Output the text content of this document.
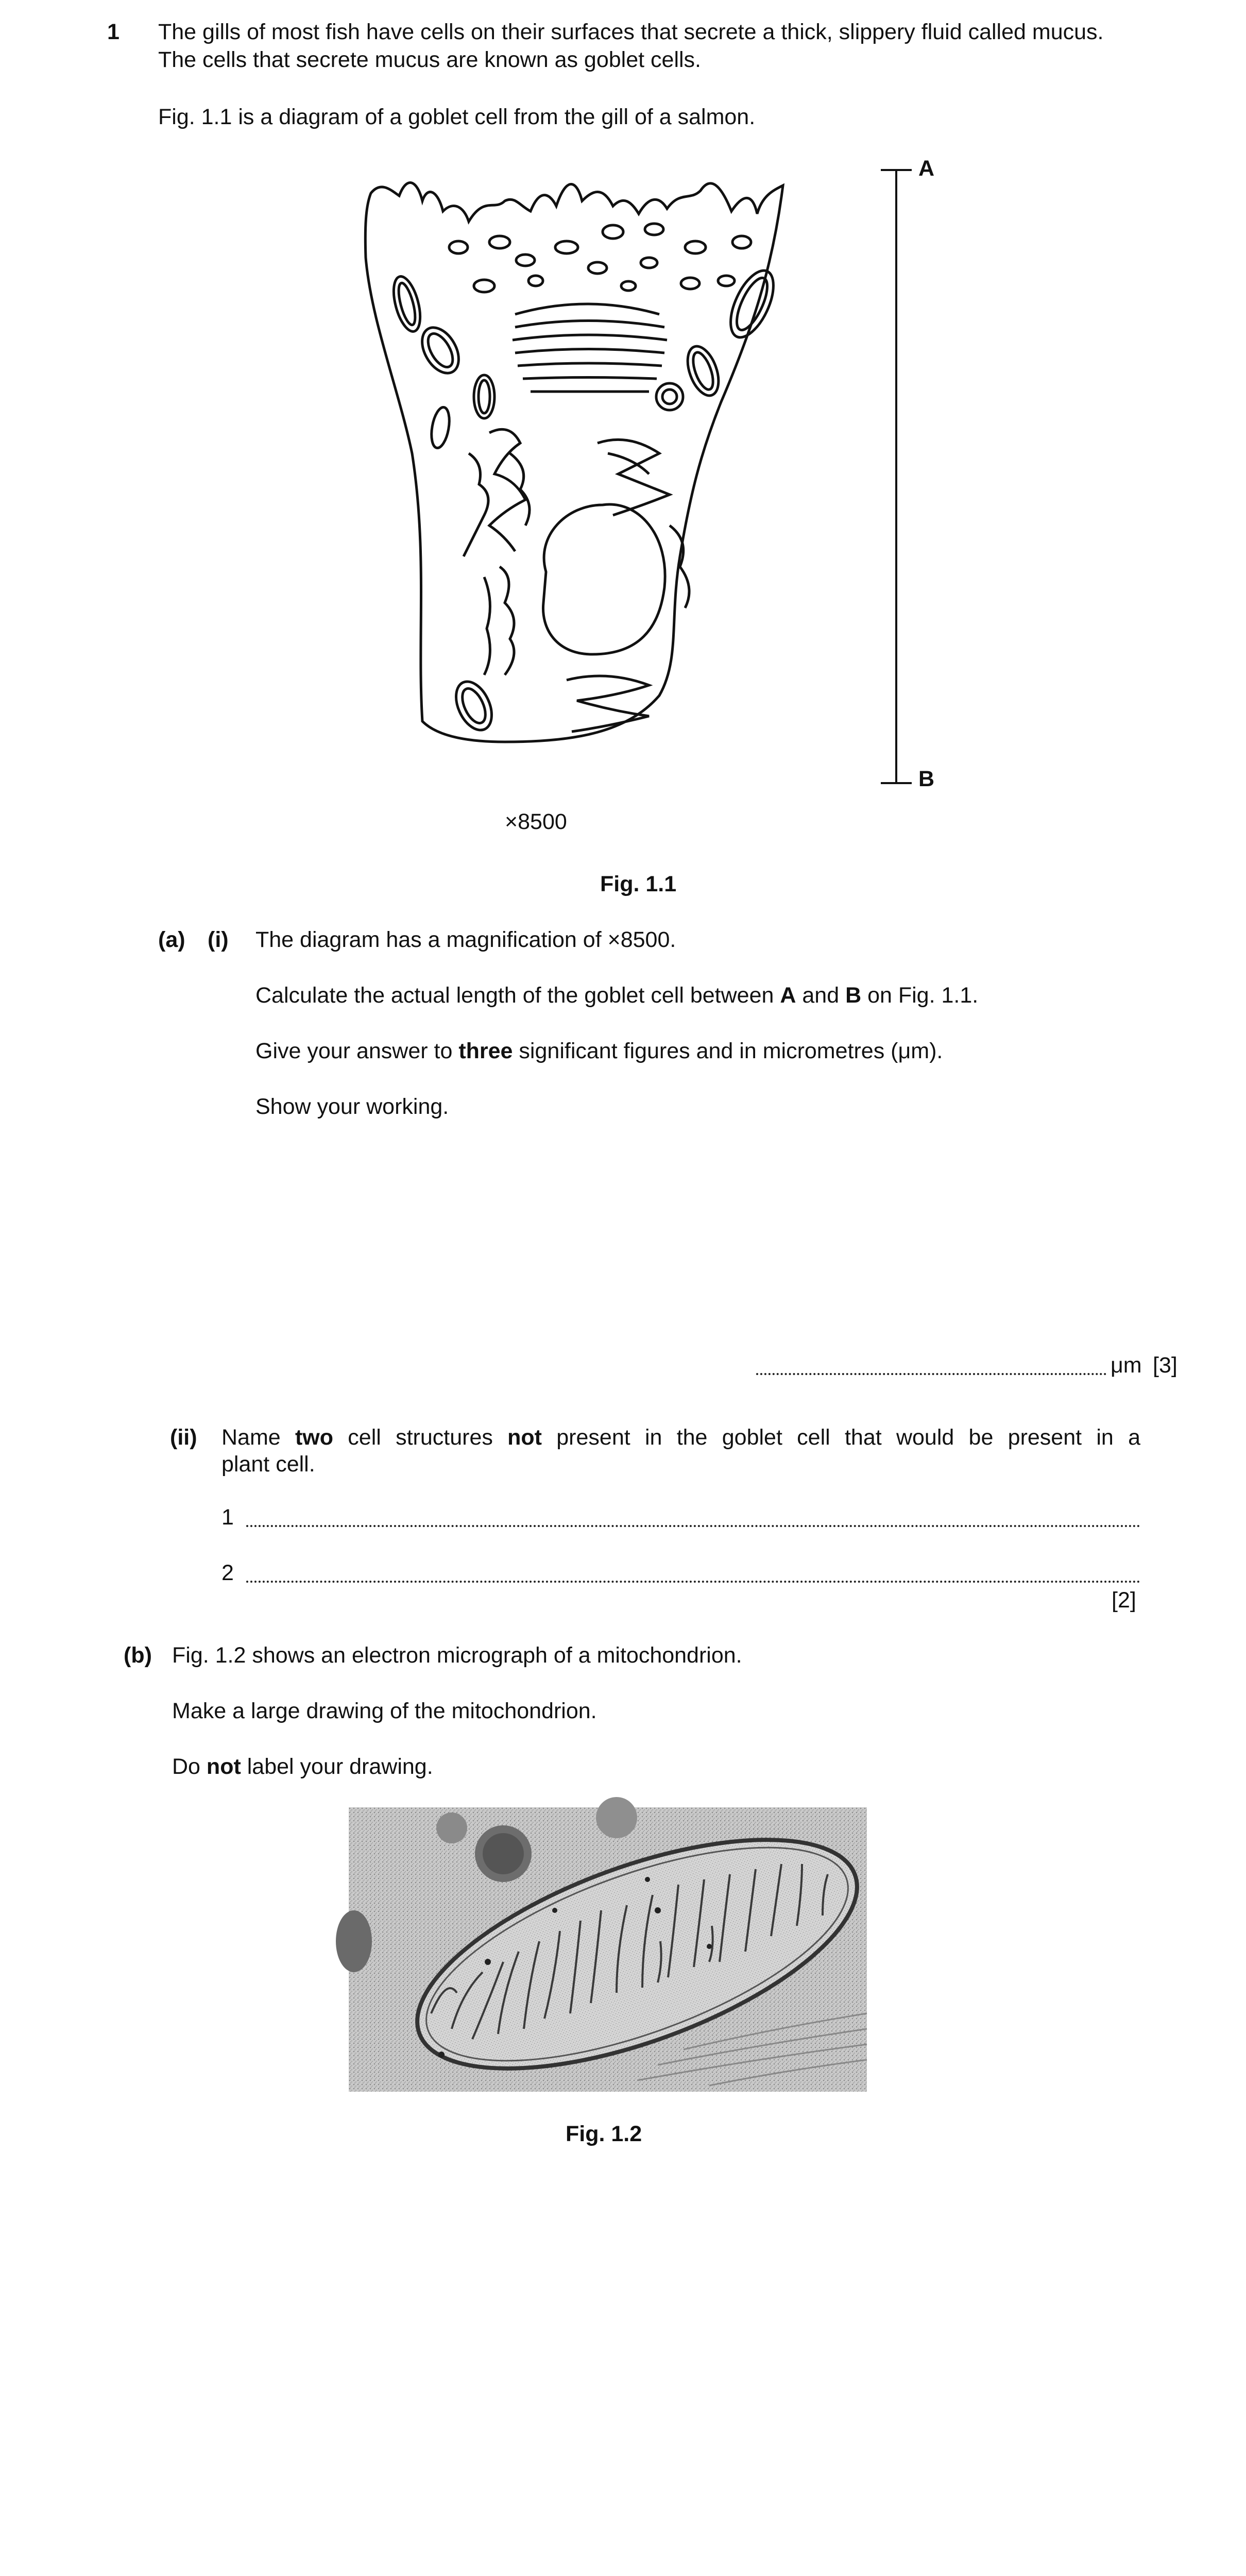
1 The gills of most fish have cells on their surfaces that secrete a thick, slippery fluid called mucus.
The cells that secrete mucus are known as goblet cells.
Fig. 1.1 is a diagram of a goblet cell from the gill of a salmon.
A
B
×8500
Fig. 1.1
(a) (i) The diagram has a magnification of ×8500.
Calculate the actual length of the goblet cell between A and B on Fig. 1.1.
Give your answer to three significant figures and in micrometres (μm).
Show your working.
μm [3]
(ii) Name two cell structures not present in the goblet cell that would be present in a
plant cell.
1
2
[2]
(b) Fig. 1.2 shows an electron micrograph of a mitochondrion.
Make a large drawing of the mitochondrion.
Do not label your drawing.
Fig. 1.2
